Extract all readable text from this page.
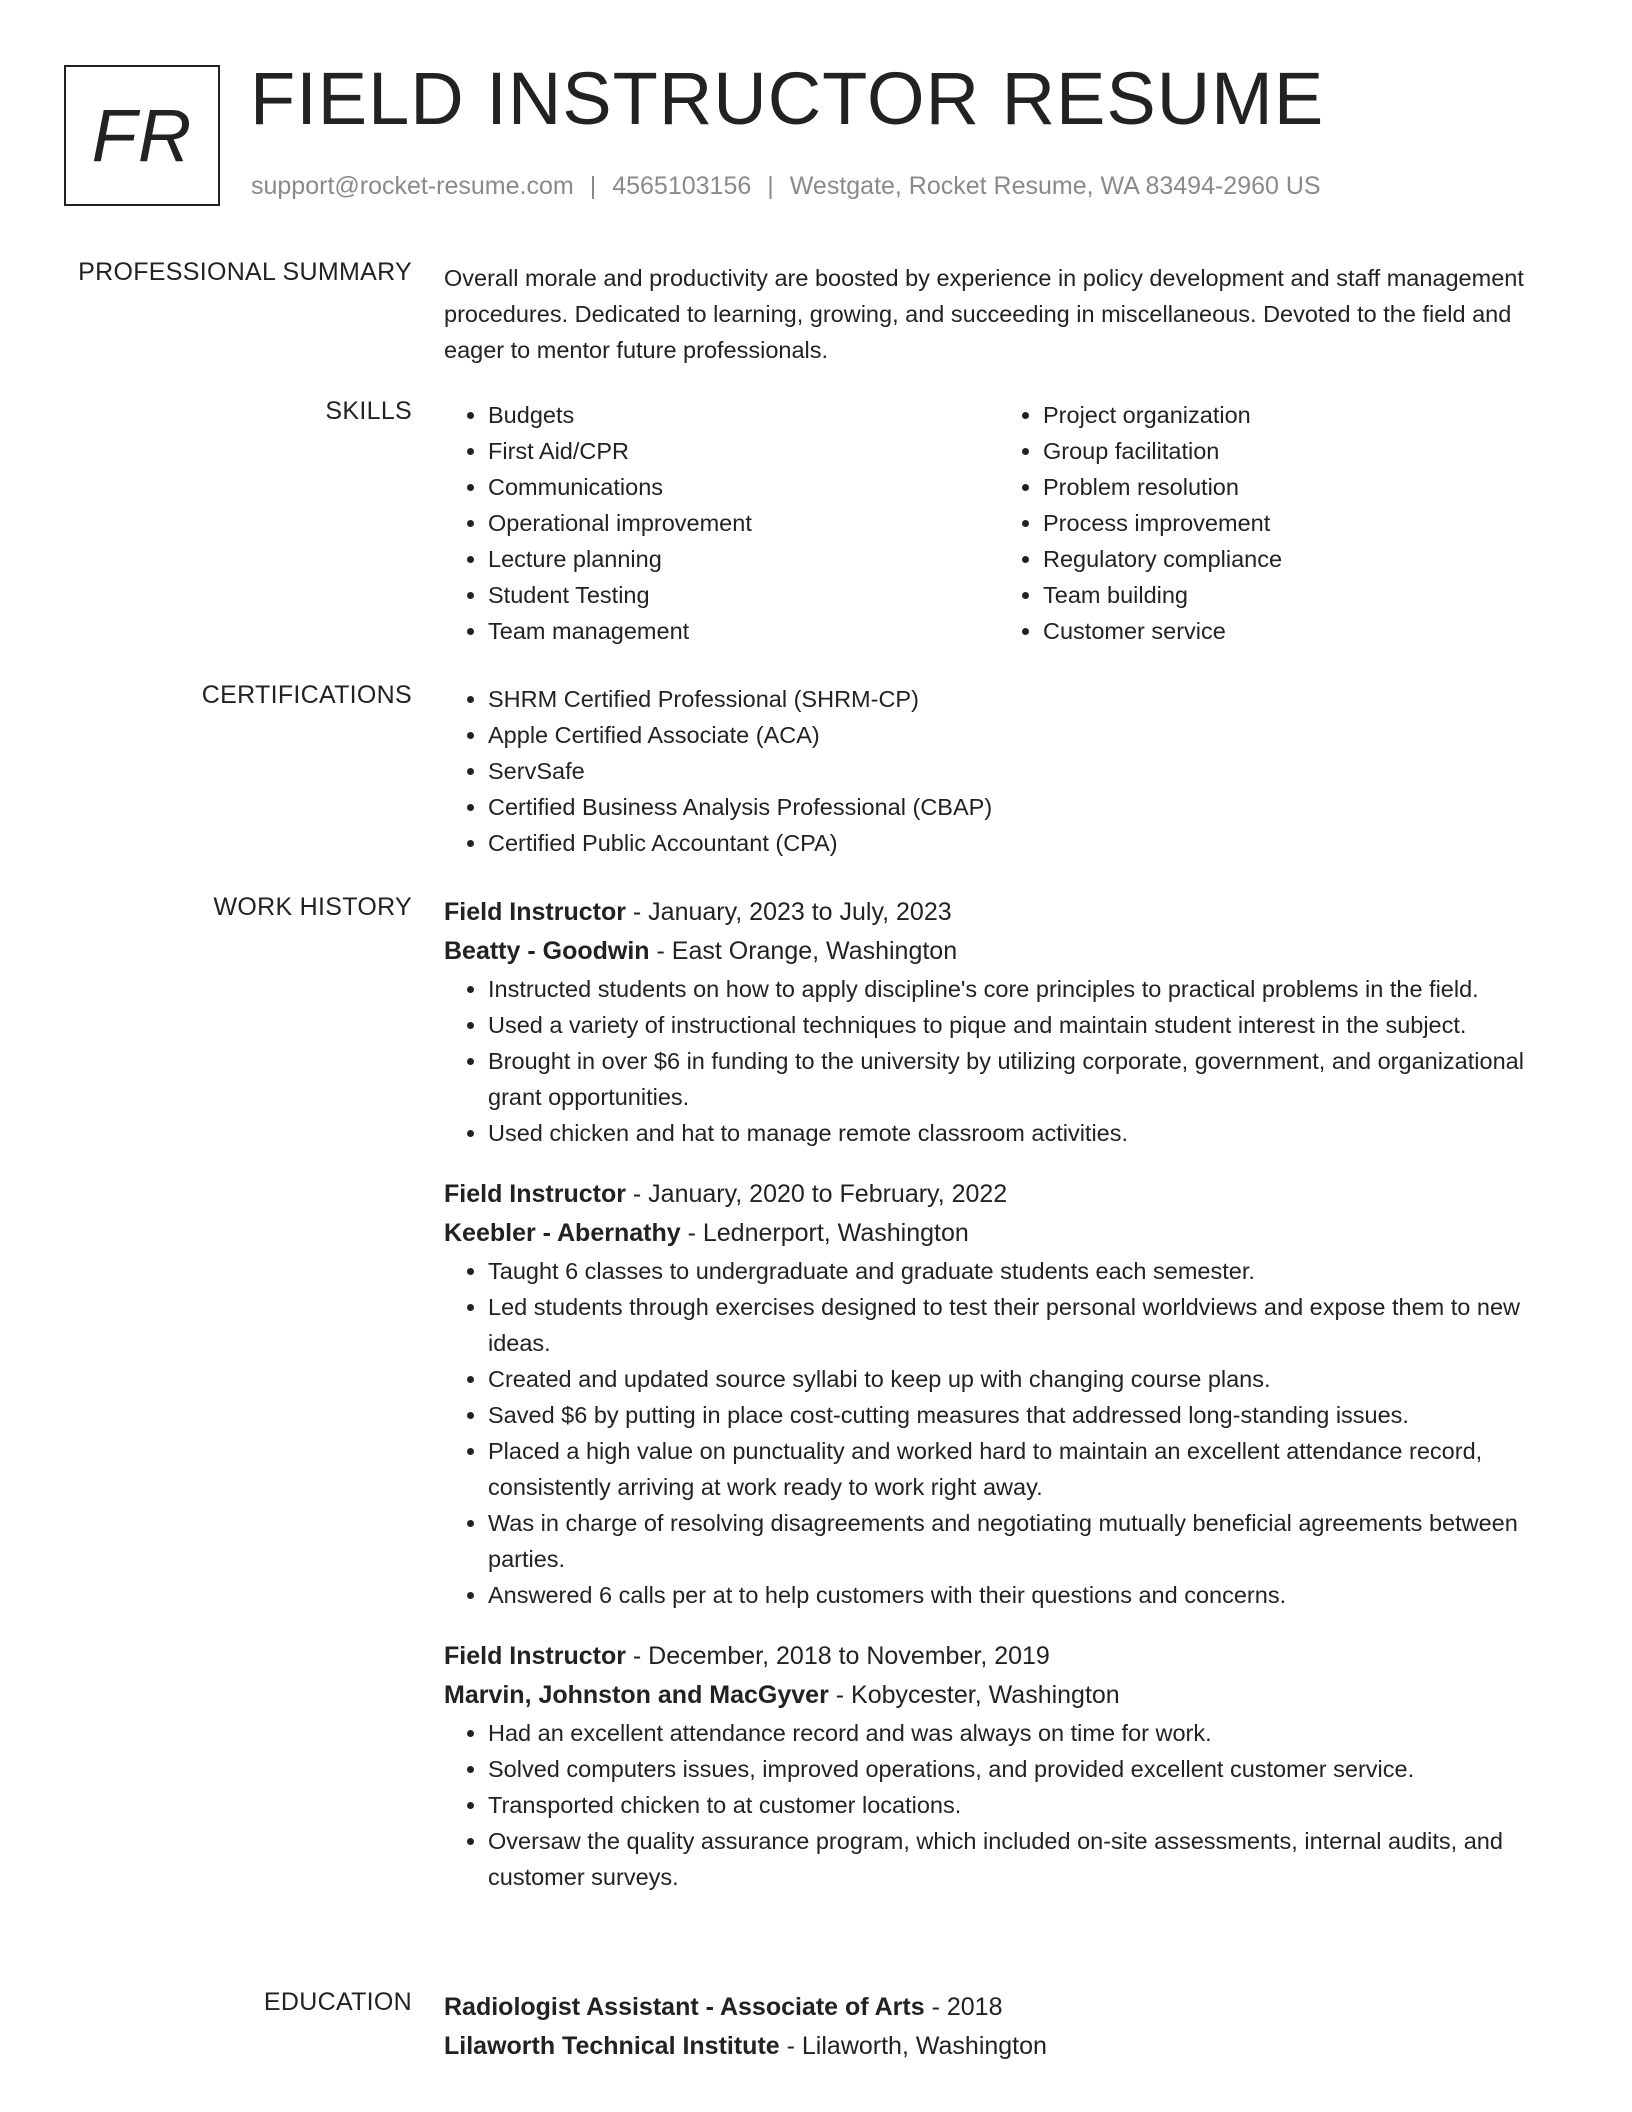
FR FIELD INSTRUCTOR RESUME
support@rocket-resume.com | 4565103156 | Westgate, Rocket Resume, WA 83494-2960 US
PROFESSIONAL SUMMARY Overall morale and productivity are boosted by experience in policy development and staff management procedures. Dedicated to learning, growing, and succeeding in miscellaneous. Devoted to the field and eager to mentor future professionals.
SKILLS	• Budgets
• First Aid/CPR
• Communications
• Operational improvement
• Lecture planning
• Student Testing
• Team management
• Project organization
• Group facilitation
• Problem resolution
• Process improvement
• Regulatory compliance
• Team building
• Customer service
CERTIFICATIONS	• SHRM Certified Professional (SHRM-CP)
• Apple Certified Associate (ACA)
• ServSafe
• Certified Business Analysis Professional (CBAP)
• Certified Public Accountant (CPA)
WORK HISTORY Field Instructor - January, 2023 to July, 2023
Beatty - Goodwin - East Orange, Washington
• Instructed students on how to apply discipline's core principles to practical problems in the field.
• Used a variety of instructional techniques to pique and maintain student interest in the subject.
• Brought in over $6 in funding to the university by utilizing corporate, government, and organizational grant opportunities.
• Used chicken and hat to manage remote classroom activities.
Field Instructor - January, 2020 to February, 2022
Keebler - Abernathy - Lednerport, Washington
• Taught 6 classes to undergraduate and graduate students each semester.
• Led students through exercises designed to test their personal worldviews and expose them to new ideas.
• Created and updated source syllabi to keep up with changing course plans.
• Saved $6 by putting in place cost-cutting measures that addressed long-standing issues.
• Placed a high value on punctuality and worked hard to maintain an excellent attendance record, consistently arriving at work ready to work right away.
• Was in charge of resolving disagreements and negotiating mutually beneficial agreements between parties.
• Answered 6 calls per at to help customers with their questions and concerns.
Field Instructor - December, 2018 to November, 2019
Marvin, Johnston and MacGyver - Kobycester, Washington
• Had an excellent attendance record and was always on time for work.
• Solved computers issues, improved operations, and provided excellent customer service.
• Transported chicken to at customer locations.
• Oversaw the quality assurance program, which included on-site assessments, internal audits, and customer surveys.
EDUCATION Radiologist Assistant - Associate of Arts - 2018
Lilaworth Technical Institute - Lilaworth, Washington
